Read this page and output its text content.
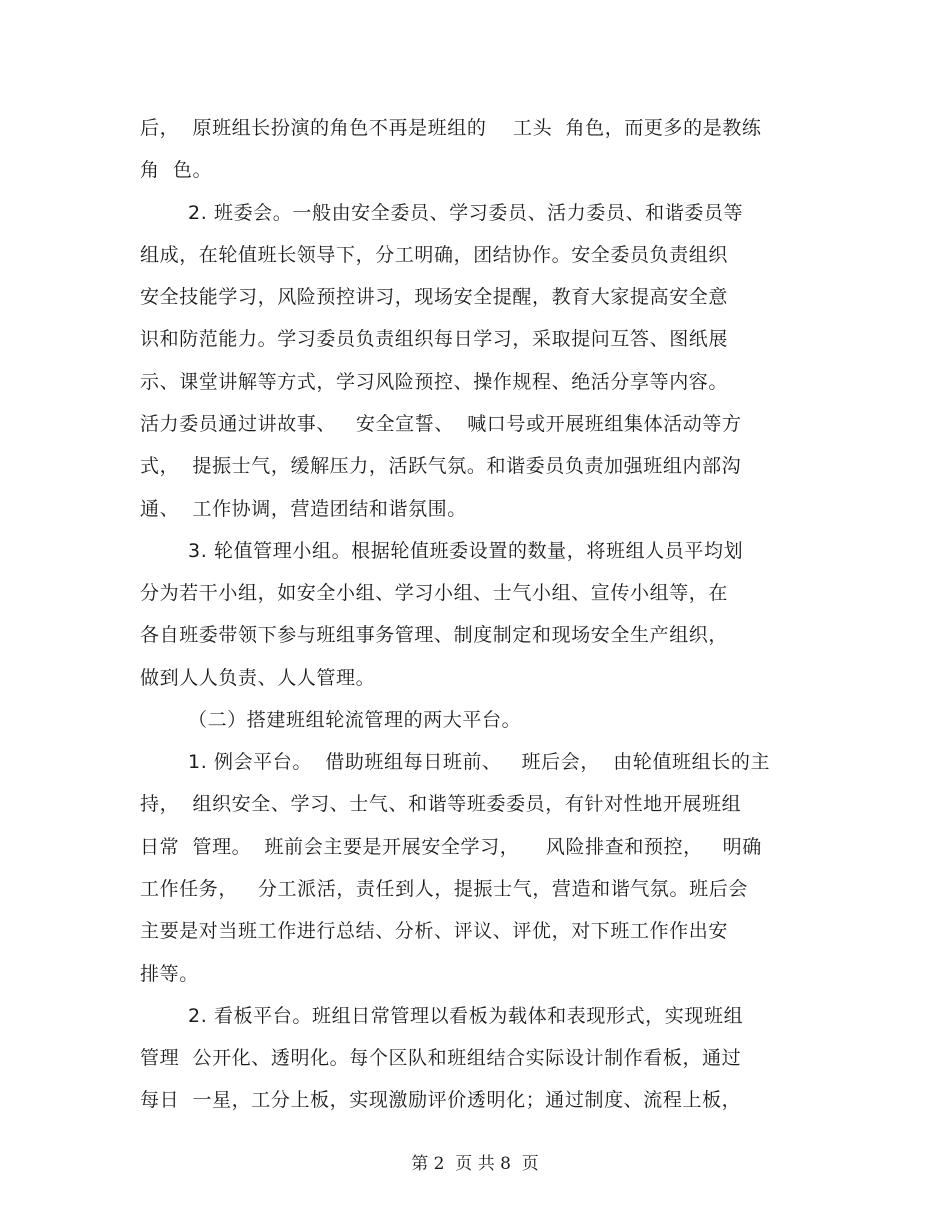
后，  原班组长扮演的角色不再是班组的    工头  角色，而更多的是教练
角  色。
2. 班委会。一般由安全委员、学习委员、活力委员、和谐委员等
组成，在轮值班长领导下，分工明确，团结协作。安全委员负责组织
安全技能学习，风险预控讲习，现场安全提醒，教育大家提高安全意
识和防范能力。学习委员负责组织每日学习，采取提问互答、图纸展
示、课堂讲解等方式，学习风险预控、操作规程、绝活分享等内容。
活力委员通过讲故事、   安全宣誓、  喊口号或开展班组集体活动等方
式，  提振士气，缓解压力，活跃气氛。和谐委员负责加强班组内部沟
通、  工作协调，营造团结和谐氛围。
3. 轮值管理小组。根据轮值班委设置的数量，将班组人员平均划
分为若干小组，如安全小组、学习小组、士气小组、宣传小组等，在
各自班委带领下参与班组事务管理、制度制定和现场安全生产组织，
做到人人负责、人人管理。
（二）搭建班组轮流管理的两大平台。
1. 例会平台。  借助班组每日班前、   班后会，  由轮值班组长的主
持，  组织安全、学习、士气、和谐等班委委员，有针对性地开展班组
日常  管理。  班前会主要是开展安全学习，    风险排查和预控，   明确
工作任务，   分工派活，责任到人，提振士气，营造和谐气氛。班后会
主要是对当班工作进行总结、分析、评议、评优，对下班工作作出安
排等。
2. 看板平台。班组日常管理以看板为载体和表现形式，实现班组
管理  公开化、透明化。每个区队和班组结合实际设计制作看板，通过
每日  一星，工分上板，实现激励评价透明化；通过制度、流程上板，
第 2  页 共 8  页
